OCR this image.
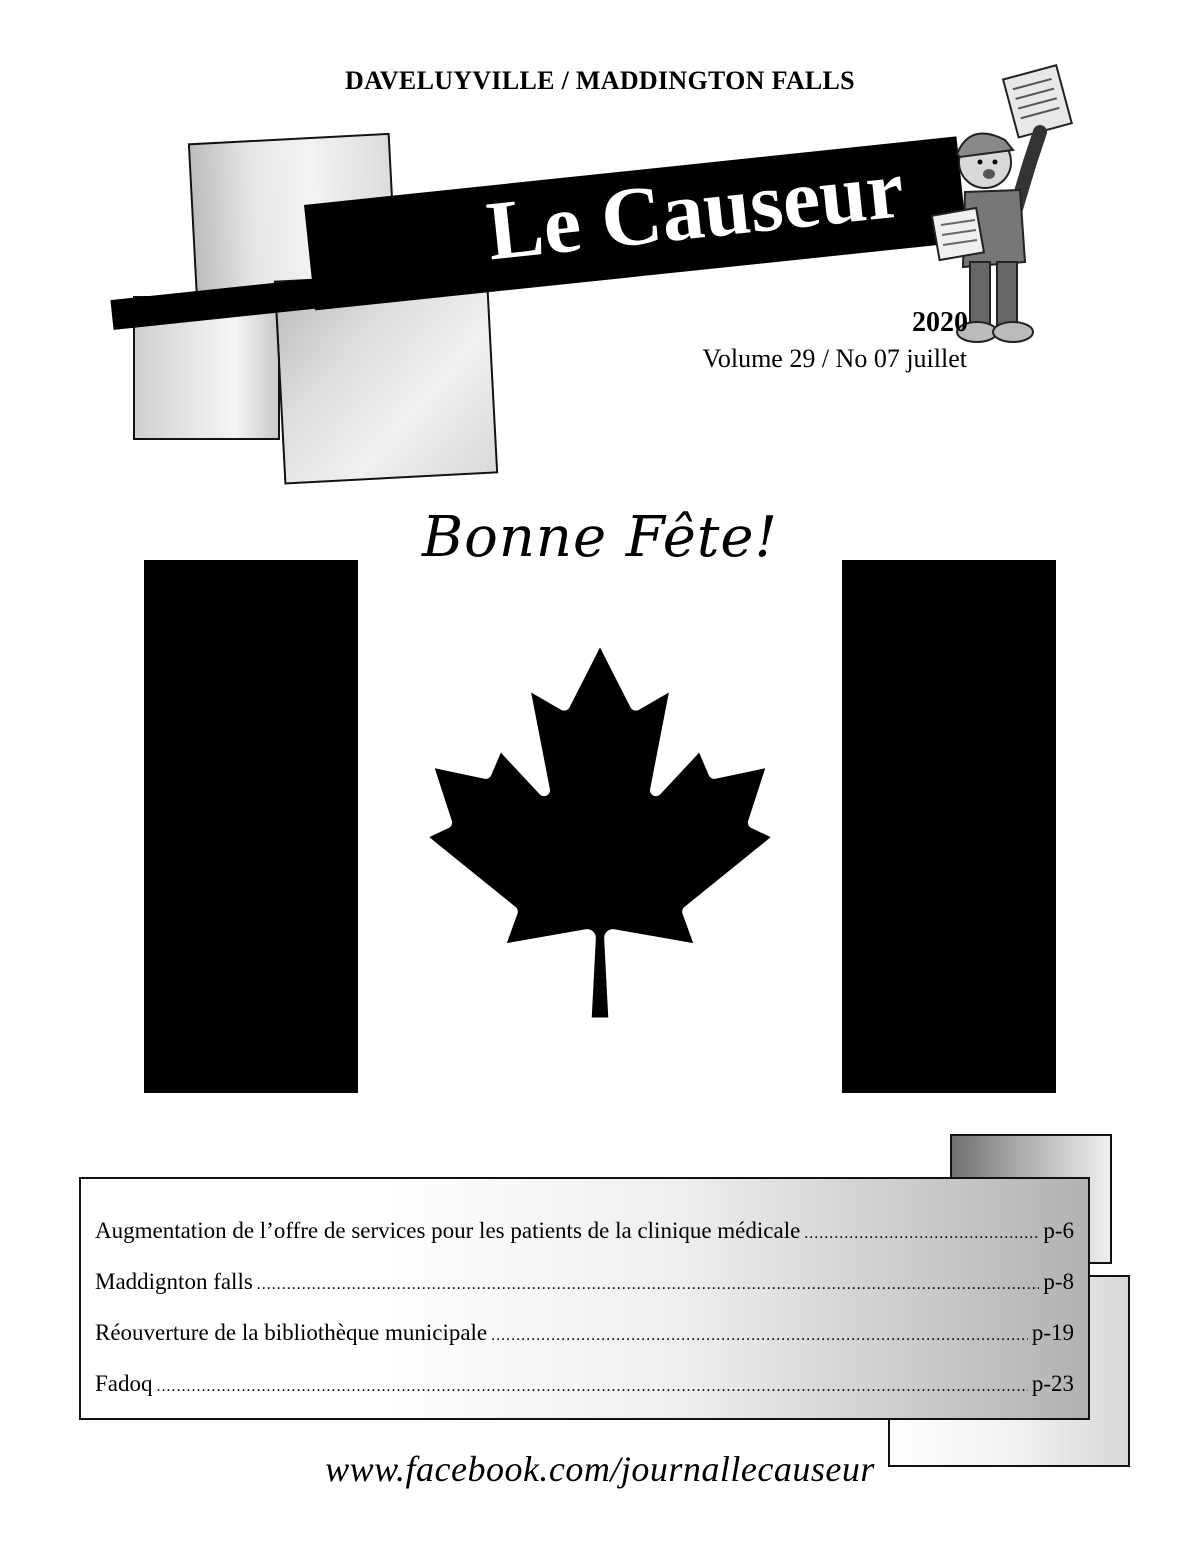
DAVELUYVILLE / MADDINGTON FALLS
Le Causeur
2020
Volume 29 / No 07 juillet
Bonne Fête!
Augmentation de l’offre de services pour les patients de la clinique médicale .....	p-6
Maddignton falls .....	p-8
Réouverture de la bibliothèque municipale .....	p-19
Fadoq .....	p-23
www.facebook.com/journallecauseur
